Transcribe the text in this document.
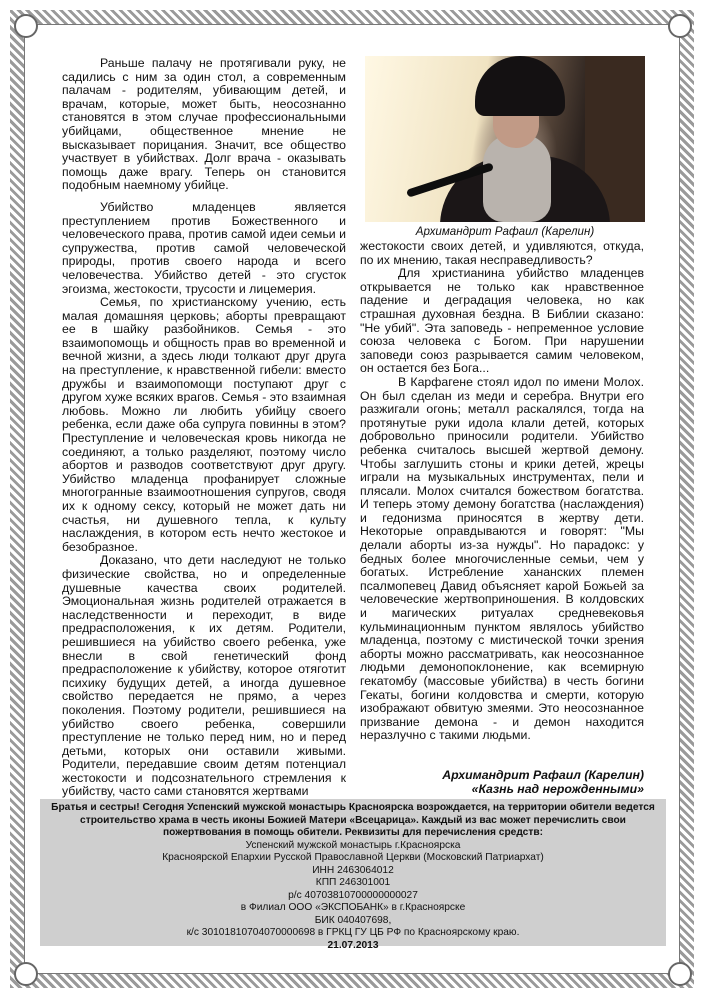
Раньше палачу не протягивали руку, не садились с ним за один стол, а современным палачам - родителям, убивающим детей, и врачам, которые, может быть, неосознанно становятся в этом случае профессиональными убийцами, общественное мнение не высказывает порицания. Значит, все общество участвует в убийствах. Долг врача - оказывать помощь даже врагу. Теперь он становится подобным наемному убийце.

Убийство младенцев является преступлением против Божественного и человеческого права, против самой идеи семьи и супружества, против самой человеческой природы, против своего народа и всего человечества. Убийство детей - это сгусток эгоизма, жестокости, трусости и лицемерия.

Семья, по христианскому учению, есть малая домашняя церковь; аборты превращают ее в шайку разбойников. Семья - это взаимопомощь и общность прав во временной и вечной жизни, а здесь люди толкают друг друга на преступление, к нравственной гибели: вместо дружбы и взаимопомощи поступают друг с другом хуже всяких врагов. Семья - это взаимная любовь. Можно ли любить убийцу своего ребенка, если даже оба супруга повинны в этом? Преступление и человеческая кровь никогда не соединяют, а только разделяют, поэтому число абортов и разводов соответствуют друг другу. Убийство младенца профанирует сложные многогранные взаимоотношения супругов, сводя их к одному сексу, который не может дать ни счастья, ни душевного тепла, к культу наслаждения, в котором есть нечто жестокое и безобразное.

Доказано, что дети наследуют не только физические свойства, но и определенные душевные качества своих родителей. Эмоциональная жизнь родителей отражается в наследственности и переходит, в виде предрасположения, к их детям. Родители, решившиеся на убийство своего ребенка, уже внесли в свой генетический фонд предрасположение к убийству, которое отяготит психику будущих детей, а иногда душевное свойство передается не прямо, а через поколения. Поэтому родители, решившиеся на убийство своего ребенка, совершили преступление не только перед ним, но и перед детьми, которых они оставили живыми. Родители, передавшие своим детям потенциал жестокости и подсознательного стремления к убийству, часто сами становятся жертвами

Архимандрит Рафаил (Карелин)

жестокости своих детей, и удивляются, откуда, по их мнению, такая несправедливость?

Для христианина убийство младенцев открывается не только как нравственное падение и деградация человека, но как страшная духовная бездна. В Библии сказано: "Не убий". Эта заповедь - непременное условие союза человека с Богом. При нарушении заповеди союз разрывается самим человеком, он остается без Бога...

В Карфагене стоял идол по имени Молох. Он был сделан из меди и серебра. Внутри его разжигали огонь; металл раскалялся, тогда на протянутые руки идола клали детей, которых добровольно приносили родители. Убийство ребенка считалось высшей жертвой демону. Чтобы заглушить стоны и крики детей, жрецы играли на музыкальных инструментах, пели и плясали. Молох считался божеством богатства. И теперь этому демону богатства (наслаждения) и гедонизма приносятся в жертву дети. Некоторые оправдываются и говорят: "Мы делали аборты из-за нужды". Но парадокс: у бедных более многочисленные семьи, чем у богатых. Истребление хананских племен псалмопевец Давид объясняет карой Божьей за человеческие жертвоприношения. В колдовских и магических ритуалах средневековья кульминационным пунктом являлось убийство младенца, поэтому с мистической точки зрения аборты можно рассматривать, как неосознанное людьми демонопоклонение, как всемирную гекатомбу (массовые убийства) в честь богини Гекаты, богини колдовства и смерти, которую изображают обвитую змеями. Это неосознанное призвание демона - и демон находится неразлучно с такими людьми.

Архимандрит Рафаил (Карелин)
«Казнь над нерожденными»
Братья и сестры! Сегодня Успенский мужской монастырь Красноярска возрождается, на территории обители ведется строительство храма в честь иконы Божией Матери «Всецарица». Каждый из вас может перечислить свои пожертвования в помощь обители. Реквизиты для перечисления средств:
Успенский мужской монастырь г.Красноярска
Красноярской Епархии Русской Православной Церкви (Московский Патриархат)
ИНН 2463064012
КПП 246301001
р/с 40703810700000000027
в Филиал ООО «ЭКСПОБАНК» в г.Красноярске
БИК 040407698,
к/с 30101810704070000698 в ГРКЦ ГУ ЦБ РФ по Красноярскому краю.
21.07.2013
